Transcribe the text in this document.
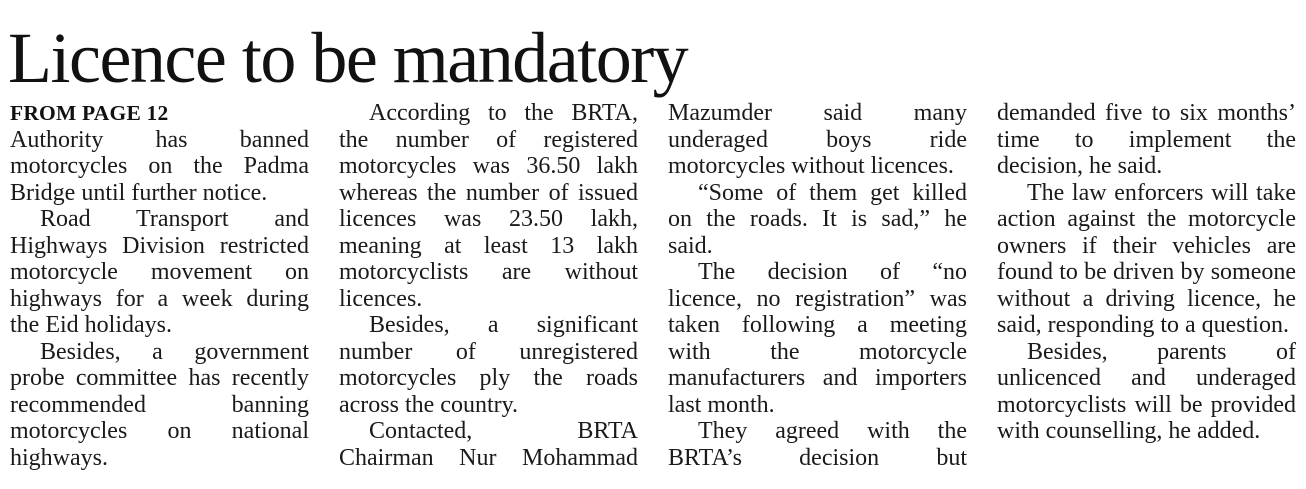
Licence to be mandatory

FROM PAGE 12

Authority has banned motorcycles on the Padma Bridge until further notice.

Road Transport and Highways Division restricted motorcycle movement on highways for a week during the Eid holidays.

Besides, a government probe committee has recently recommended banning motorcycles on national highways.

According to the BRTA, the number of registered motorcycles was 36.50 lakh whereas the number of issued licences was 23.50 lakh, meaning at least 13 lakh motorcyclists are without licences.

Besides, a significant number of unregistered motorcycles ply the roads across the country.

Contacted, BRTA Chairman Nur Mohammad Mazumder said many underaged boys ride motorcycles without licences.

“Some of them get killed on the roads. It is sad,” he said.

The decision of “no licence, no registration” was taken following a meeting with the motorcycle manufacturers and importers last month.

They agreed with the BRTA’s decision but demanded five to six months’ time to implement the decision, he said.

The law enforcers will take action against the motorcycle owners if their vehicles are found to be driven by someone without a driving licence, he said, responding to a question.

Besides, parents of unlicenced and underaged motorcyclists will be provided with counselling, he added.
